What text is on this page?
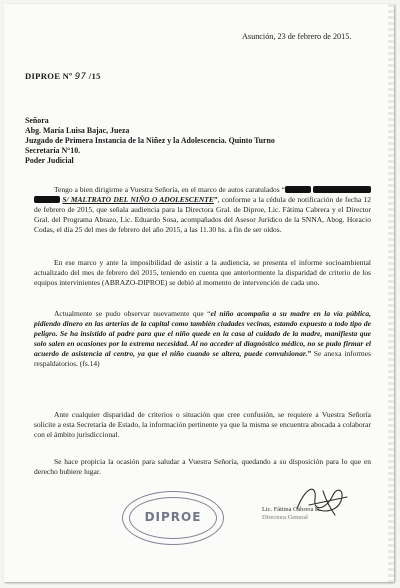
Asunción, 23 de febrero de 2015.
DIPROE Nº 97 /15
Señora
Abg. María Luisa Bajac, Jueza
Juzgado de Primera Instancia de la Niñez y la Adolescencia. Quinto Turno
Secretaría N°10.
Poder Judicial

Tengo a bien dirigirme a Vuestra Señoría, en el marco de autos caratulados “   S/ MALTRATO DEL NIÑO O ADOLESCENTE”, conforme a la cédula de notificación de fecha 12 de febrero de 2015, que señala audiencia para la Directora Gral. de Diproe, Lic. Fátima Cabrera y el Director Gral. del Programa Abrazo, Lic. Eduardo Sosa, acompañados del Asesor Jurídico de la SNNA, Abog. Horacio Codas, el día 25 del mes de febrero del año 2015, a las 11.30 hs. a fin de ser oídos.

En ese marco y ante la imposibilidad de asistir a la audiencia, se presenta el informe socioambiental actualizado del mes de febrero del 2015, teniendo en cuenta que anteriormente la disparidad de criterio de los equipos intervinientes (ABRAZO-DIPROE) se debió al momento de intervención de cada uno.

Actualmente se pudo observar nuevamente que “el niño acompaña a su madre en la vía pública, pidiendo dinero en las arterias de la capital como también ciudades vecinas, estando expuesto a todo tipo de peligro. Se ha insistido al padre para que el niño quede en la casa al cuidado de la madre, manifiesta que solo salen en ocasiones por la extrema necesidad. Al no acceder al diagnóstico médico, no se pudo firmar el acuerdo de asistencia al centro, ya que el niño cuando se altera, puede convulsionar.” Se anexa informes respaldatorios. (fs.14)

Ante cualquier disparidad de criterios o situación que cree confusión, se requiere a Vuestra Señoría solicite a esta Secretaría de Estado, la información pertinente ya que la misma se encuentra abocada a colaborar con el ámbito jurisdiccional.

Se hace propicia la ocasión para saludar a Vuestra Señoría, quedando a su disposición para lo que en derecho hubiere lugar.

DIPROE
Lic. Fátima Cabrera B.
Directora General
